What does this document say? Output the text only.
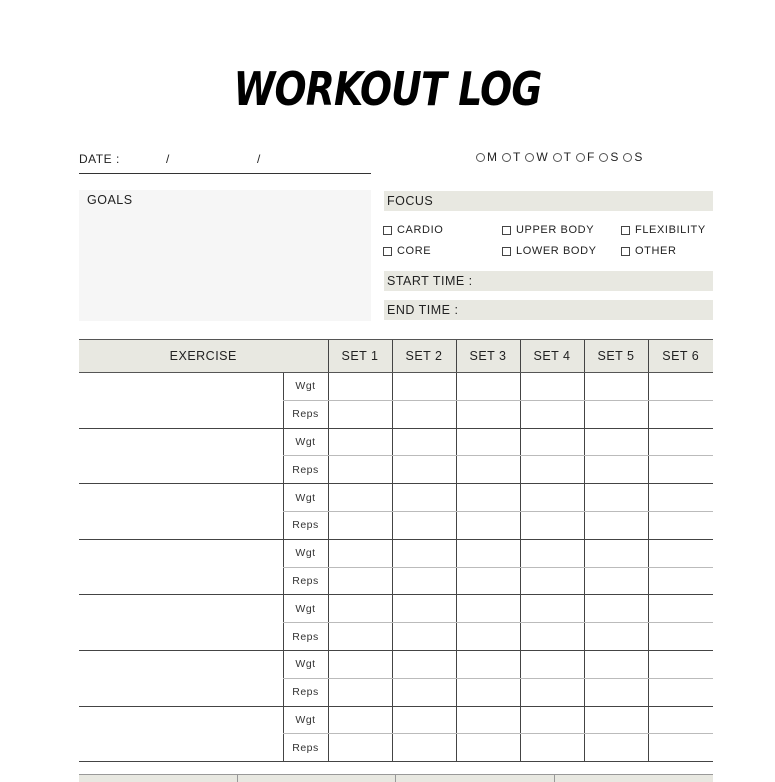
WORKOUT LOG
DATE :	/	/	M T W T F S S
GOALS	FOCUS
CARDIO	UPPER BODY	FLEXIBILITY
CORE	LOWER BODY	OTHER
START TIME :
END TIME :
EXERCISE		SET 1	SET 2	SET 3	SET 4	SET 5	SET 6
	Wgt						
	Reps						
	Wgt						
	Reps						
	Wgt						
	Reps						
	Wgt						
	Reps						
	Wgt						
	Reps						
	Wgt						
	Reps						
	Wgt						
	Reps						
